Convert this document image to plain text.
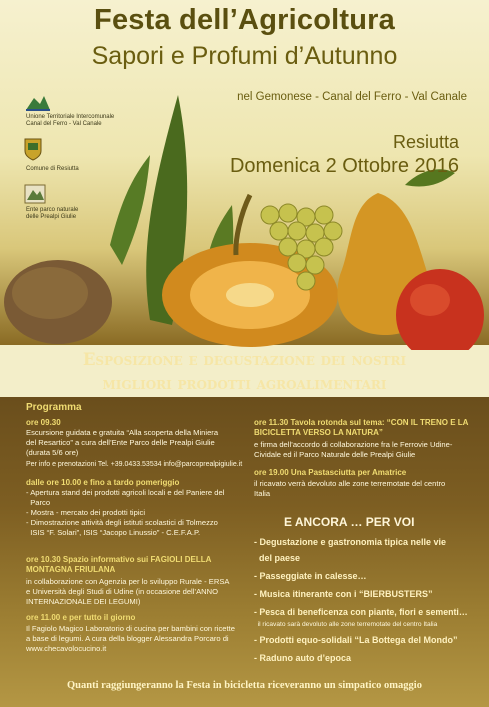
Festa dell’Agricoltura
Sapori e Profumi d’Autunno
nel Gemonese - Canal del Ferro - Val Canale
Resiutta
Domenica 2 Ottobre 2016
Unione Territoriale Intercomunale Canal del Ferro - Val Canale
Comune di Resiutta
Ente parco naturale delle Prealpi Giulie
Esposizione e degustazione dei nostri
migliori prodotti agroalimentari
Programma
ore 09.30
Escursione guidata e gratuita “Alla scoperta della Miniera
del Resartico” a cura dell’Ente Parco delle Prealpi Giulie
(durata 5/6 ore)
Per info e prenotazioni Tel. +39.0433.53534 info@parcoprealpigiulie.it
dalle ore 10.00 e fino a tardo pomeriggio
- Apertura stand dei prodotti agricoli locali e del Paniere del
Parco
- Mostra - mercato dei prodotti tipici
- Dimostrazione attività degli istituti scolastici di Tolmezzo
ISIS “F. Solari”, ISIS “Jacopo Linussio” - C.E.F.A.P.
ore 10.30 Spazio informativo sui FAGIOLI DELLA MONTAGNA FRIULANA
in collaborazione con Agenzia per lo sviluppo Rurale - ERSA
e Università degli Studi di Udine (in occasione dell’ANNO
INTERNAZIONALE DEI LEGUMI)
ore 11.00 e per tutto il giorno
Il Fagiolo Magico Laboratorio di cucina per bambini con ricette
a base di legumi. A cura della blogger Alessandra Porcaro di
www.checavolocucino.it
ore 11.30 Tavola rotonda sul tema: “CON IL TRENO E LA BICICLETTA VERSO LA NATURA”
e firma dell’accordo di collaborazione fra le Ferrovie Udine-
Cividale ed il Parco Naturale delle Prealpi Giulie
ore 19.00 Una Pastasciutta per Amatrice
il ricavato verrà devoluto alle zone terremotate del centro
Italia
E ANCORA … PER VOI
- Degustazione e gastronomia tipica nelle vie
del paese
- Passeggiate in calesse…
- Musica itinerante con i “BIERBUSTERS”
- Pesca di beneficenza con piante, fiori e sementi…
il ricavato sarà devoluto alle zone terremotate del centro Italia
- Prodotti equo-solidali “La Bottega del Mondo”
- Raduno auto d’epoca
Quanti raggiungeranno la Festa in bicicletta riceveranno un simpatico omaggio
